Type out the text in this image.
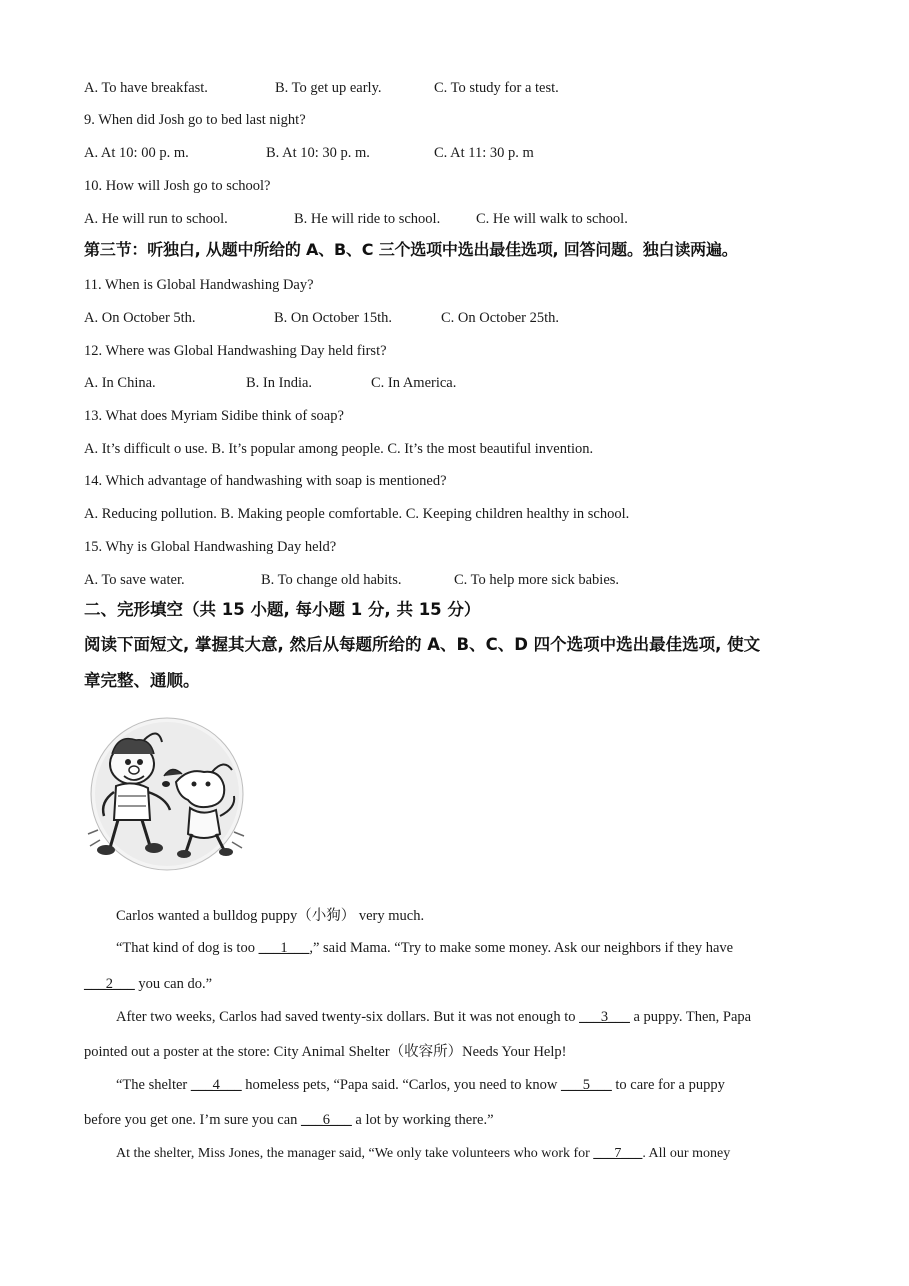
A. To have breakfast.	B. To get up early.	C. To study for a test.
9. When did Josh go to bed last night?
A. At 10: 00 p. m.	B. At 10: 30 p. m.	C. At 11: 30 p. m
10. How will Josh go to school?
A. He will run to school.	B. He will ride to school. C. He will walk to school.
第三节：听独白, 从题中所给的 A、B、C 三个选项中选出最佳选项, 回答问题。独白读两遍。
11. When is Global Handwashing Day?
A. On October 5th.	B. On October 15th.	C. On October 25th.
12. Where was Global Handwashing Day held first?
A. In China.	B. In India.	C. In America.
13. What does Myriam Sidibe think of soap?
A. It’s difficult o use. B. It’s popular among people. C. It’s the most beautiful invention.
14. Which advantage of handwashing with soap is mentioned?
A. Reducing pollution. B. Making people comfortable. C. Keeping children healthy in school.
15. Why is Global Handwashing Day held?
A. To save water.	B. To change old habits.	C. To help more sick babies.
二、完形填空（共 15 小题, 每小题 1 分, 共 15 分）
阅读下面短文, 掌握其大意, 然后从每题所给的 A、B、C、D 四个选项中选出最佳选项, 使文
章完整、通顺。
Carlos wanted a bulldog puppy（小狗） very much.
“That kind of dog is too ___1___,” said Mama. “Try to make some money. Ask our neighbors if they have
___2___ you can do.”
After two weeks, Carlos had saved twenty-six dollars. But it was not enough to ___3___ a puppy. Then, Papa
pointed out a poster at the store: City Animal Shelter（收容所）Needs Your Help!
“The shelter ___4___ homeless pets, “Papa said. “Carlos, you need to know ___5___ to care for a puppy
before you get one. I’m sure you can ___6___ a lot by working there.”
At the shelter, Miss Jones, the manager said, “We only take volunteers who work for ___7___. All our money
